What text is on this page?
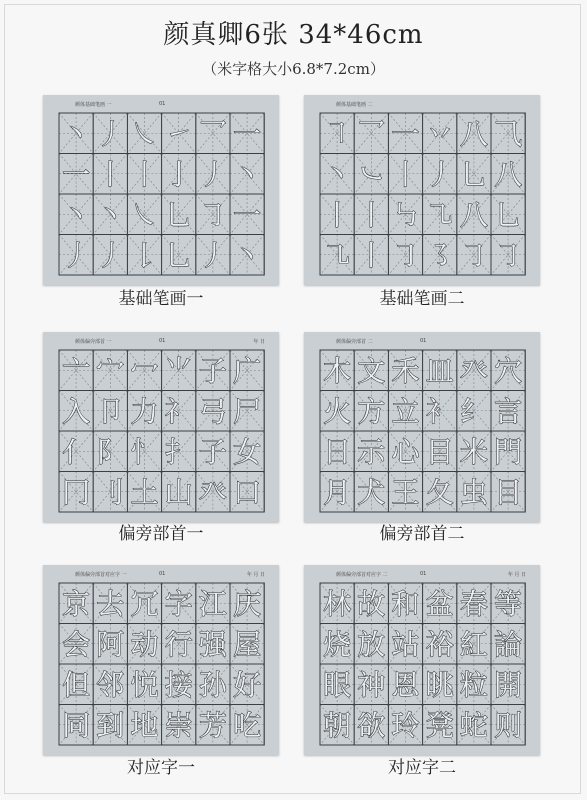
颜真卿6张 34*46cm
（米字格大小6.8*7.2cm）
颜体基础笔画 一	01
丶 丿 ㇏ ㇀ 乛 一
一 丨 丨 亅 丿 丶
丶 丶 ㇏ 乚 ㇆ 一
丿 丿 𠄌 乚 丿 丶
基础笔画一
颜体基础笔画 二
㇕ 乛 一 丷 八 ⺄
丶 ㇃ 丨 丿 乚 八
丨 丨 ㇉ ㇈ 八 乚
㇈ 丨 ㇆ ㇌ ㇆ ㇆
基础笔画二
颜体偏旁部首 一	01	年 日
亠 宀 冖 ⺌ 子 广
入 卩 力 礻 弓 尸
亻 阝 忄 扌 子 女
冂 刂 土 山 癶 口
偏旁部首一
颜体偏旁部首 二	01
木 文 禾 皿 癶 穴
火 方 立 衤 纟 言
日 示 心 目 米 門
月 犬 王 夂 虫 目
偏旁部首二
颜体偏旁部首对应字 一	01	年 月 日
京 去 冗 字 江 庆
会 阿 动 行 强 屋
但 邻 悦 接 孙 好
同 到 地 崇 芳 吃
对应字一
颜体偏旁部首对应字 二	01	年 月 日
林 故 和 盆 春 等
烧 放 站 裕 紅 論
眼 神 恩 眺 粒 開
朝 欲 玲 凳 蛇 则
对应字二
